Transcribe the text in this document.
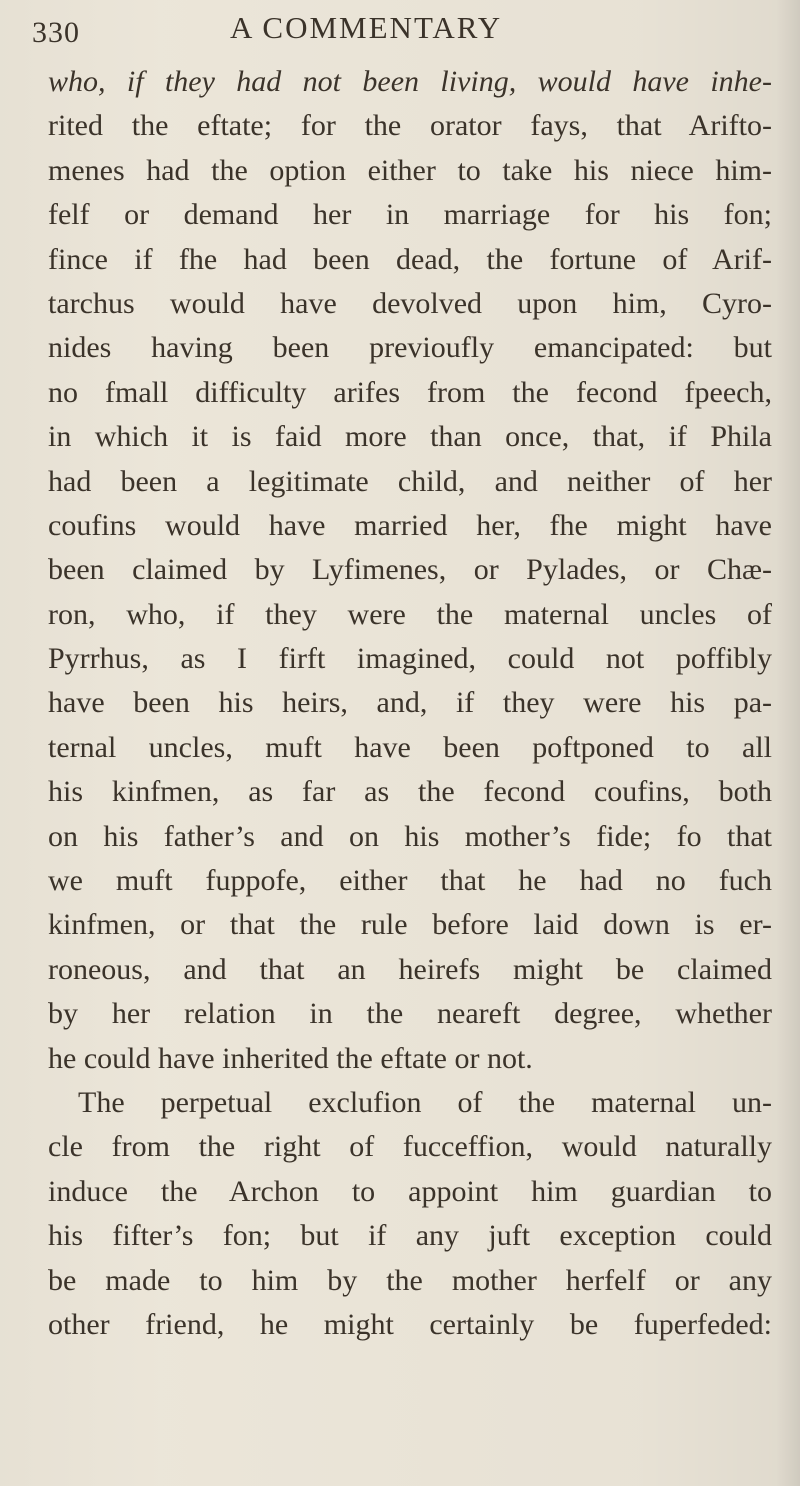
330	A COMMENTARY
who, if they had not been living, would have inhe-
rited the eftate; for the orator fays, that Arifto-
menes had the option either to take his niece him-
felf or demand her in marriage for his fon;
fince if fhe had been dead, the fortune of Arif-
tarchus would have devolved upon him, Cyro-
nides having been previoufly emancipated: but
no fmall difficulty arifes from the fecond fpeech,
in which it is faid more than once, that, if Phila
had been a legitimate child, and neither of her
coufins would have married her, fhe might have
been claimed by Lyfimenes, or Pylades, or Chæ-
ron, who, if they were the maternal uncles of
Pyrrhus, as I firft imagined, could not poffibly
have been his heirs, and, if they were his pa-
ternal uncles, muft have been poftponed to all
his kinfmen, as far as the fecond coufins, both
on his father’s and on his mother’s fide; fo that
we muft fuppofe, either that he had no fuch
kinfmen, or that the rule before laid down is er-
roneous, and that an heirefs might be claimed
by her relation in the neareft degree, whether
he could have inherited the eftate or not.
The perpetual exclufion of the maternal un-
cle from the right of fucceffion, would naturally
induce the Archon to appoint him guardian to
his fifter’s fon; but if any juft exception could
be made to him by the mother herfelf or any
other friend, he might certainly be fuperfeded:
